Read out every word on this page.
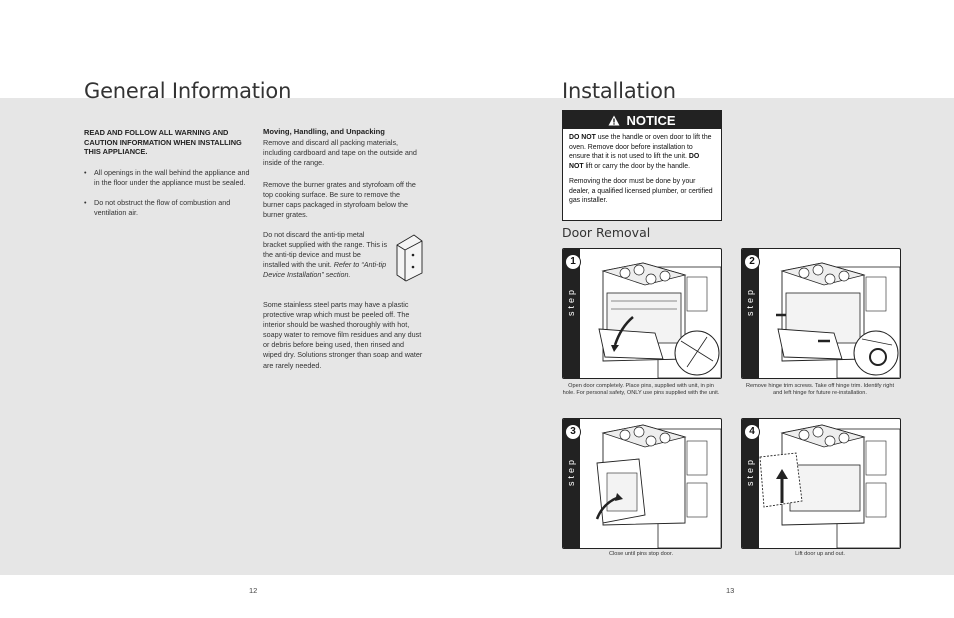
General Information
READ AND FOLLOW ALL WARNING AND CAUTION INFORMATION WHEN INSTALLING THIS APPLIANCE.
• All openings in the wall behind the appliance and in the floor under the appliance must be sealed.
• Do not obstruct the flow of combustion and ventilation air.
Moving, Handling, and Unpacking

Remove and discard all packing materials, including cardboard and tape on the outside and inside of the range.

Remove the burner grates and styrofoam off the top cooking surface. Be sure to remove the burner caps packaged in styrofoam below the burner grates.

Do not discard the anti-tip metal bracket supplied with the range. This is the anti-tip device and must be installed with the unit. Refer to “Anti-tip Device Installation” section.

Some stainless steel parts may have a plastic protective wrap which must be peeled off. The interior should be washed thoroughly with hot, soapy water to remove film residues and any dust or debris before being used, then rinsed and wiped dry. Solutions stronger than soap and water are rarely needed.

12
Installation
NOTICE

DO NOT use the handle or oven door to lift the oven. Remove door before installation to ensure that it is not used to lift the unit. DO NOT lift or carry the door by the handle.

Removing the door must be done by your dealer, a qualified licensed plumber, or certified gas installer.

Door Removal
1
step
Open door completely. Place pins, supplied with unit, in pin hole. For personal safety, ONLY use pins supplied with the unit.
2
step
Remove hinge trim screws. Take off hinge trim. Identify right and left hinge for future re-installation.
3
step
Close until pins stop door.
4
step
Lift door up and out.
13
